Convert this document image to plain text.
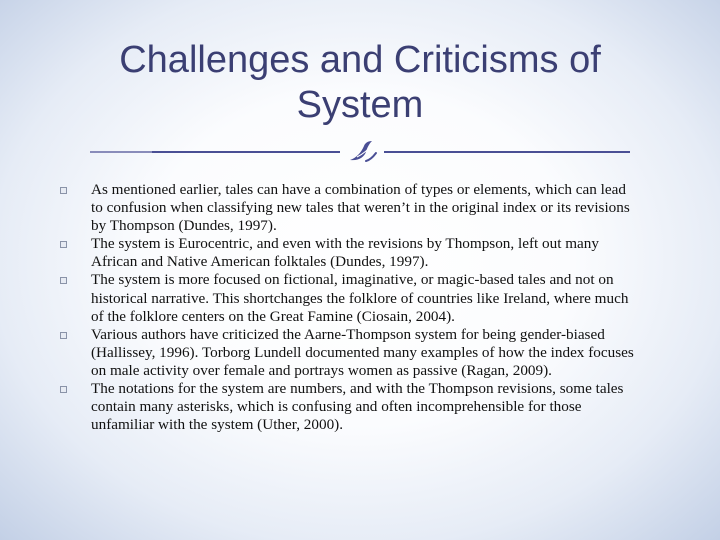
Challenges and Criticisms of System
As mentioned earlier, tales can have a combination of types or elements, which can lead to confusion when classifying new tales that weren’t in the original index or its revisions by Thompson (Dundes, 1997).
The system is Eurocentric, and even with the revisions by Thompson, left out many African and Native American folktales (Dundes, 1997).
The system is more focused on fictional, imaginative, or magic-based tales and not on historical narrative. This shortchanges the folklore of countries like Ireland, where much of the folklore centers on the Great Famine (Ciosain, 2004).
Various authors have criticized the Aarne-Thompson system for being gender-biased (Hallissey, 1996). Torborg Lundell documented many examples of how the index focuses on male activity over female and portrays women as passive (Ragan, 2009).
The notations for the system are numbers, and with the Thompson revisions, some tales contain many asterisks, which is confusing and often incomprehensible for those unfamiliar with the system (Uther, 2000).
